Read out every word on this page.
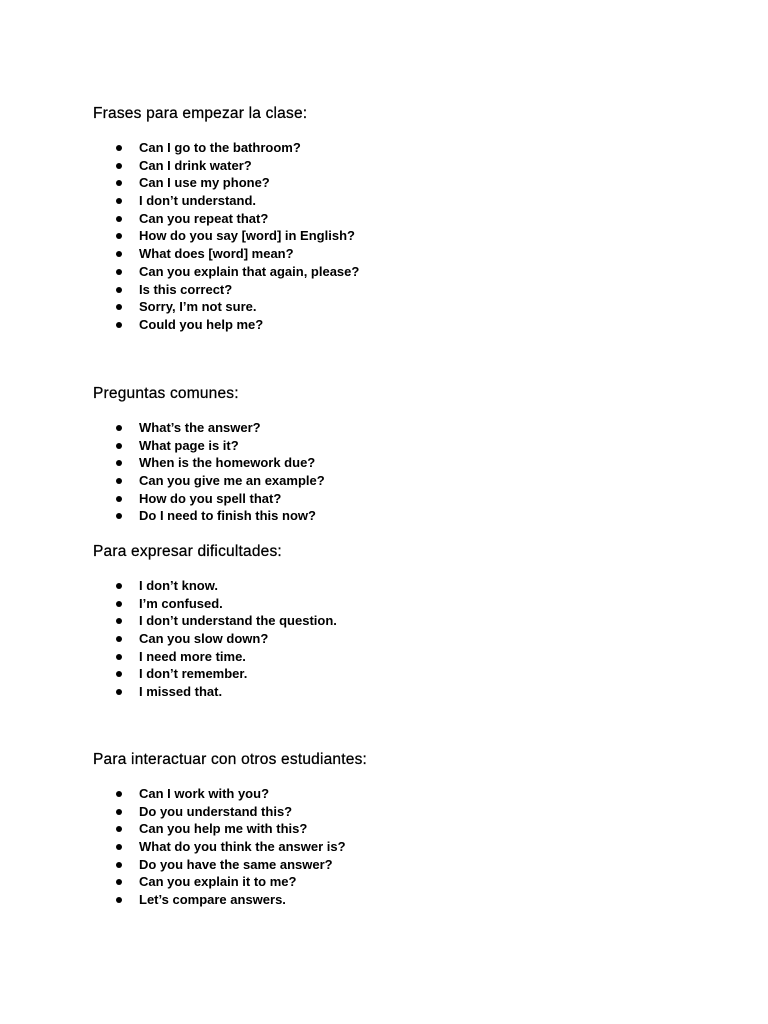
Frases para empezar la clase:
Can I go to the bathroom?
Can I drink water?
Can I use my phone?
I don’t understand.
Can you repeat that?
How do you say [word] in English?
What does [word] mean?
Can you explain that again, please?
Is this correct?
Sorry, I’m not sure.
Could you help me?
Preguntas comunes:
What’s the answer?
What page is it?
When is the homework due?
Can you give me an example?
How do you spell that?
Do I need to finish this now?
Para expresar dificultades:
I don’t know.
I’m confused.
I don’t understand the question.
Can you slow down?
I need more time.
I don’t remember.
I missed that.
Para interactuar con otros estudiantes:
Can I work with you?
Do you understand this?
Can you help me with this?
What do you think the answer is?
Do you have the same answer?
Can you explain it to me?
Let’s compare answers.
